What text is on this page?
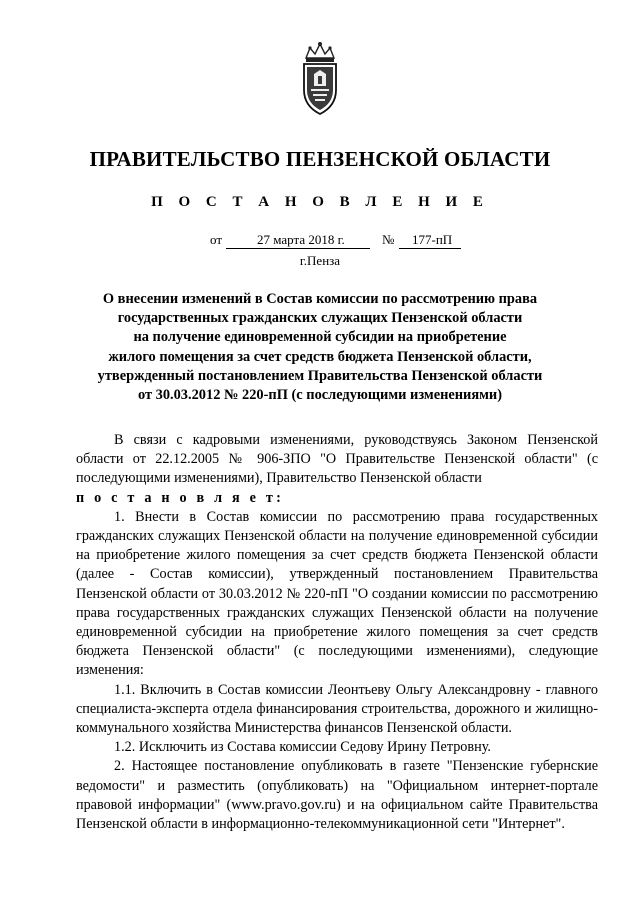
ПРАВИТЕЛЬСТВО ПЕНЗЕНСКОЙ ОБЛАСТИ
П О С Т А Н О В Л Е Н И Е
от	27 марта 2018 г.	№ 177-пП
г.Пенза
О внесении изменений в Состав комиссии по рассмотрению права
государственных гражданских служащих Пензенской области
на получение единовременной субсидии на приобретение
жилого помещения за счет средств бюджета Пензенской области,
утвержденный постановлением Правительства Пензенской области
от 30.03.2012 № 220-пП (с последующими изменениями)

В связи с кадровыми изменениями, руководствуясь Законом Пензенской области от 22.12.2005 № 906-ЗПО "О Правительстве Пензенской области" (с последующими изменениями), Правительство Пензенской области

п о с т а н о в л я е т:

1. Внести в Состав комиссии по рассмотрению права государственных гражданских служащих Пензенской области на получение единовременной субсидии на приобретение жилого помещения за счет средств бюджета Пензенской области (далее - Состав комиссии), утвержденный постановлением Правительства Пензенской области от 30.03.2012 № 220-пП "О создании комиссии по рассмотрению права государственных гражданских служащих Пензенской области на получение единовременной субсидии на приобретение жилого помещения за счет средств бюджета Пензенской области" (с последующими изменениями), следующие изменения:

1.1. Включить в Состав комиссии Леонтьеву Ольгу Александровну - главного специалиста-эксперта отдела финансирования строительства, дорожного и жилищно-коммунального хозяйства Министерства финансов Пензенской области.

1.2. Исключить из Состава комиссии Седову Ирину Петровну.

2. Настоящее постановление опубликовать в газете "Пензенские губернские ведомости" и разместить (опубликовать) на "Официальном интернет-портале правовой информации" (www.pravo.gov.ru) и на официальном сайте Правительства Пензенской области в информационно-телекоммуникационной сети "Интернет".
